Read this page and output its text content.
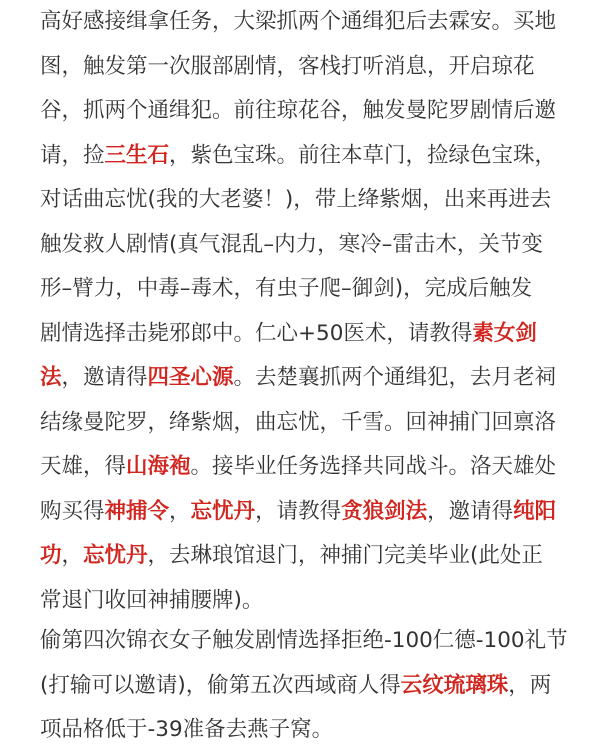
高好感接缉拿任务，大梁抓两个通缉犯后去霖安。买地
图，触发第一次服部剧情，客栈打听消息，开启琼花
谷，抓两个通缉犯。前往琼花谷，触发曼陀罗剧情后邀
请，捡三生石，紫色宝珠。前往本草门，捡绿色宝珠，
对话曲忘忧(我的大老婆！)，带上绛紫烟，出来再进去
触发救人剧情(真气混乱–内力，寒冷–雷击木，关节变
形–臂力，中毒–毒术，有虫子爬–御剑)，完成后触发
剧情选择击毙邪郎中。仁心+50医术，请教得素女剑
法，邀请得四圣心源。去楚襄抓两个通缉犯，去月老祠
结缘曼陀罗，绛紫烟，曲忘忧，千雪。回神捕门回禀洛
天雄，得山海袍。接毕业任务选择共同战斗。洛天雄处
购买得神捕令，忘忧丹，请教得贪狼剑法，邀请得纯阳
功，忘忧丹，去琳琅馆退门，神捕门完美毕业(此处正
常退门收回神捕腰牌)。
偷第四次锦衣女子触发剧情选择拒绝-100仁德-100礼节
(打输可以邀请)，偷第五次西域商人得云纹琉璃珠，两
项品格低于-39准备去燕子窝。
